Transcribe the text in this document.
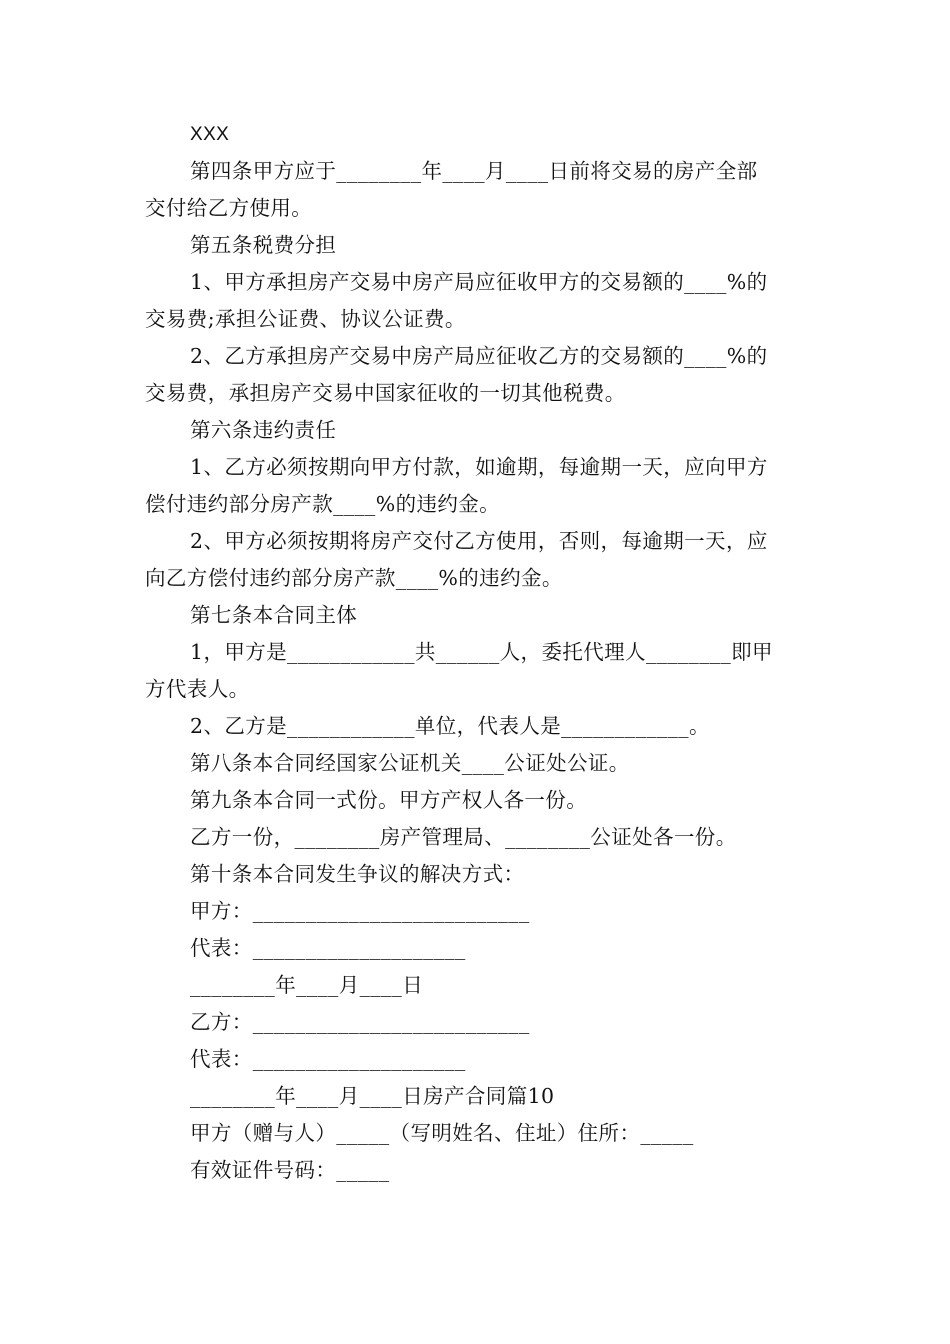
XXX
第四条甲方应于________年____月____日前将交易的房产全部
交付给乙方使用。
第五条税费分担
1、甲方承担房产交易中房产局应征收甲方的交易额的____%的
交易费;承担公证费、协议公证费。
2、乙方承担房产交易中房产局应征收乙方的交易额的____%的
交易费，承担房产交易中国家征收的一切其他税费。
第六条违约责任
1、乙方必须按期向甲方付款，如逾期，每逾期一天，应向甲方
偿付违约部分房产款____%的违约金。
2、甲方必须按期将房产交付乙方使用，否则，每逾期一天，应
向乙方偿付违约部分房产款____%的违约金。
第七条本合同主体
1，甲方是____________共______人，委托代理人________即甲
方代表人。
2、乙方是____________单位，代表人是____________。
第八条本合同经国家公证机关____公证处公证。
第九条本合同一式份。甲方产权人各一份。
乙方一份，________房产管理局、________公证处各一份。
第十条本合同发生争议的解决方式：
甲方：__________________________
代表：____________________
________年____月____日
乙方：__________________________
代表：____________________
________年____月____日房产合同篇10
甲方（赠与人）_____（写明姓名、住址）住所：_____
有效证件号码：_____
